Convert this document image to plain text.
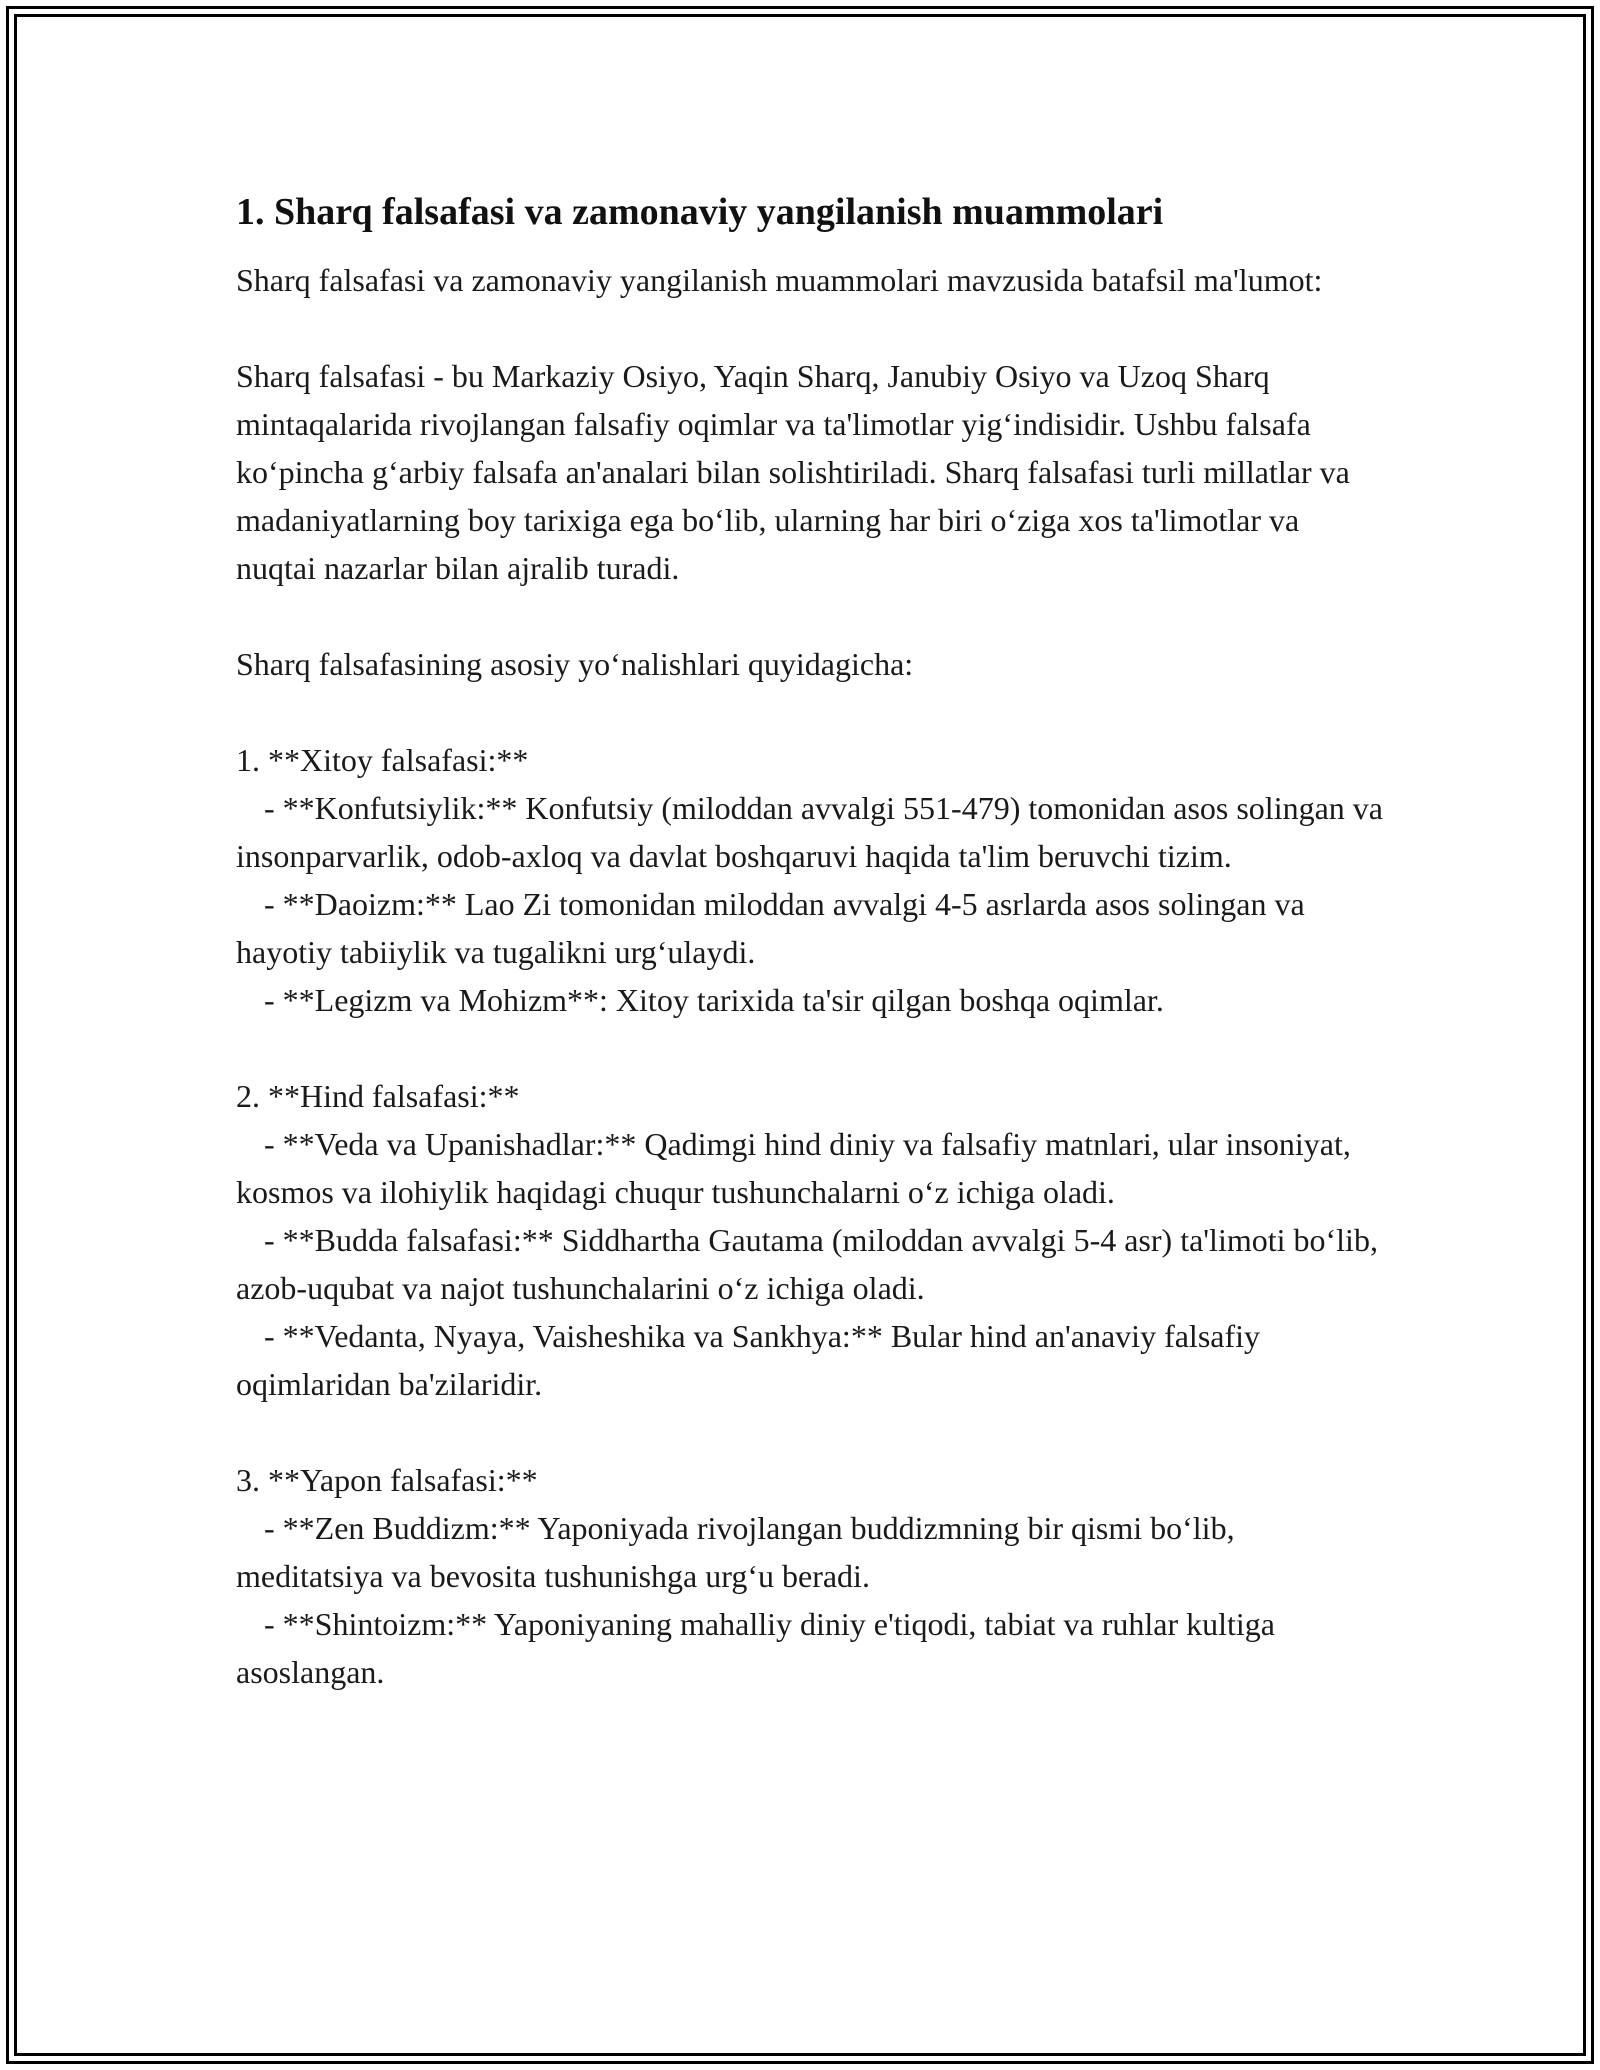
1. Sharq falsafasi va zamonaviy yangilanish muammolari

Sharq falsafasi va zamonaviy yangilanish muammolari mavzusida batafsil ma'lumot:

Sharq falsafasi - bu Markaziy Osiyo, Yaqin Sharq, Janubiy Osiyo va Uzoq Sharq mintaqalarida rivojlangan falsafiy oqimlar va ta'limotlar yig‘indisidir. Ushbu falsafa ko‘pincha g‘arbiy falsafa an'analari bilan solishtiriladi. Sharq falsafasi turli millatlar va madaniyatlarning boy tarixiga ega bo‘lib, ularning har biri o‘ziga xos ta'limotlar va nuqtai nazarlar bilan ajralib turadi.

Sharq falsafasining asosiy yo‘nalishlari quyidagicha:

1. **Xitoy falsafasi:**

- **Konfutsiylik:** Konfutsiy (miloddan avvalgi 551-479) tomonidan asos solingan va insonparvarlik, odob-axloq va davlat boshqaruvi haqida ta'lim beruvchi tizim.

- **Daoizm:** Lao Zi tomonidan miloddan avvalgi 4-5 asrlarda asos solingan va hayotiy tabiiylik va tugalikni urg‘ulaydi.

- **Legizm va Mohizm**: Xitoy tarixida ta'sir qilgan boshqa oqimlar.

2. **Hind falsafasi:**

- **Veda va Upanishadlar:** Qadimgi hind diniy va falsafiy matnlari, ular insoniyat, kosmos va ilohiylik haqidagi chuqur tushunchalarni o‘z ichiga oladi.

- **Budda falsafasi:** Siddhartha Gautama (miloddan avvalgi 5-4 asr) ta'limoti bo‘lib, azob-uqubat va najot tushunchalarini o‘z ichiga oladi.

- **Vedanta, Nyaya, Vaisheshika va Sankhya:** Bular hind an'anaviy falsafiy oqimlaridan ba'zilaridir.

3. **Yapon falsafasi:**

- **Zen Buddizm:** Yaponiyada rivojlangan buddizmning bir qismi bo‘lib, meditatsiya va bevosita tushunishga urg‘u beradi.

- **Shintoizm:** Yaponiyaning mahalliy diniy e'tiqodi, tabiat va ruhlar kultiga asoslangan.
